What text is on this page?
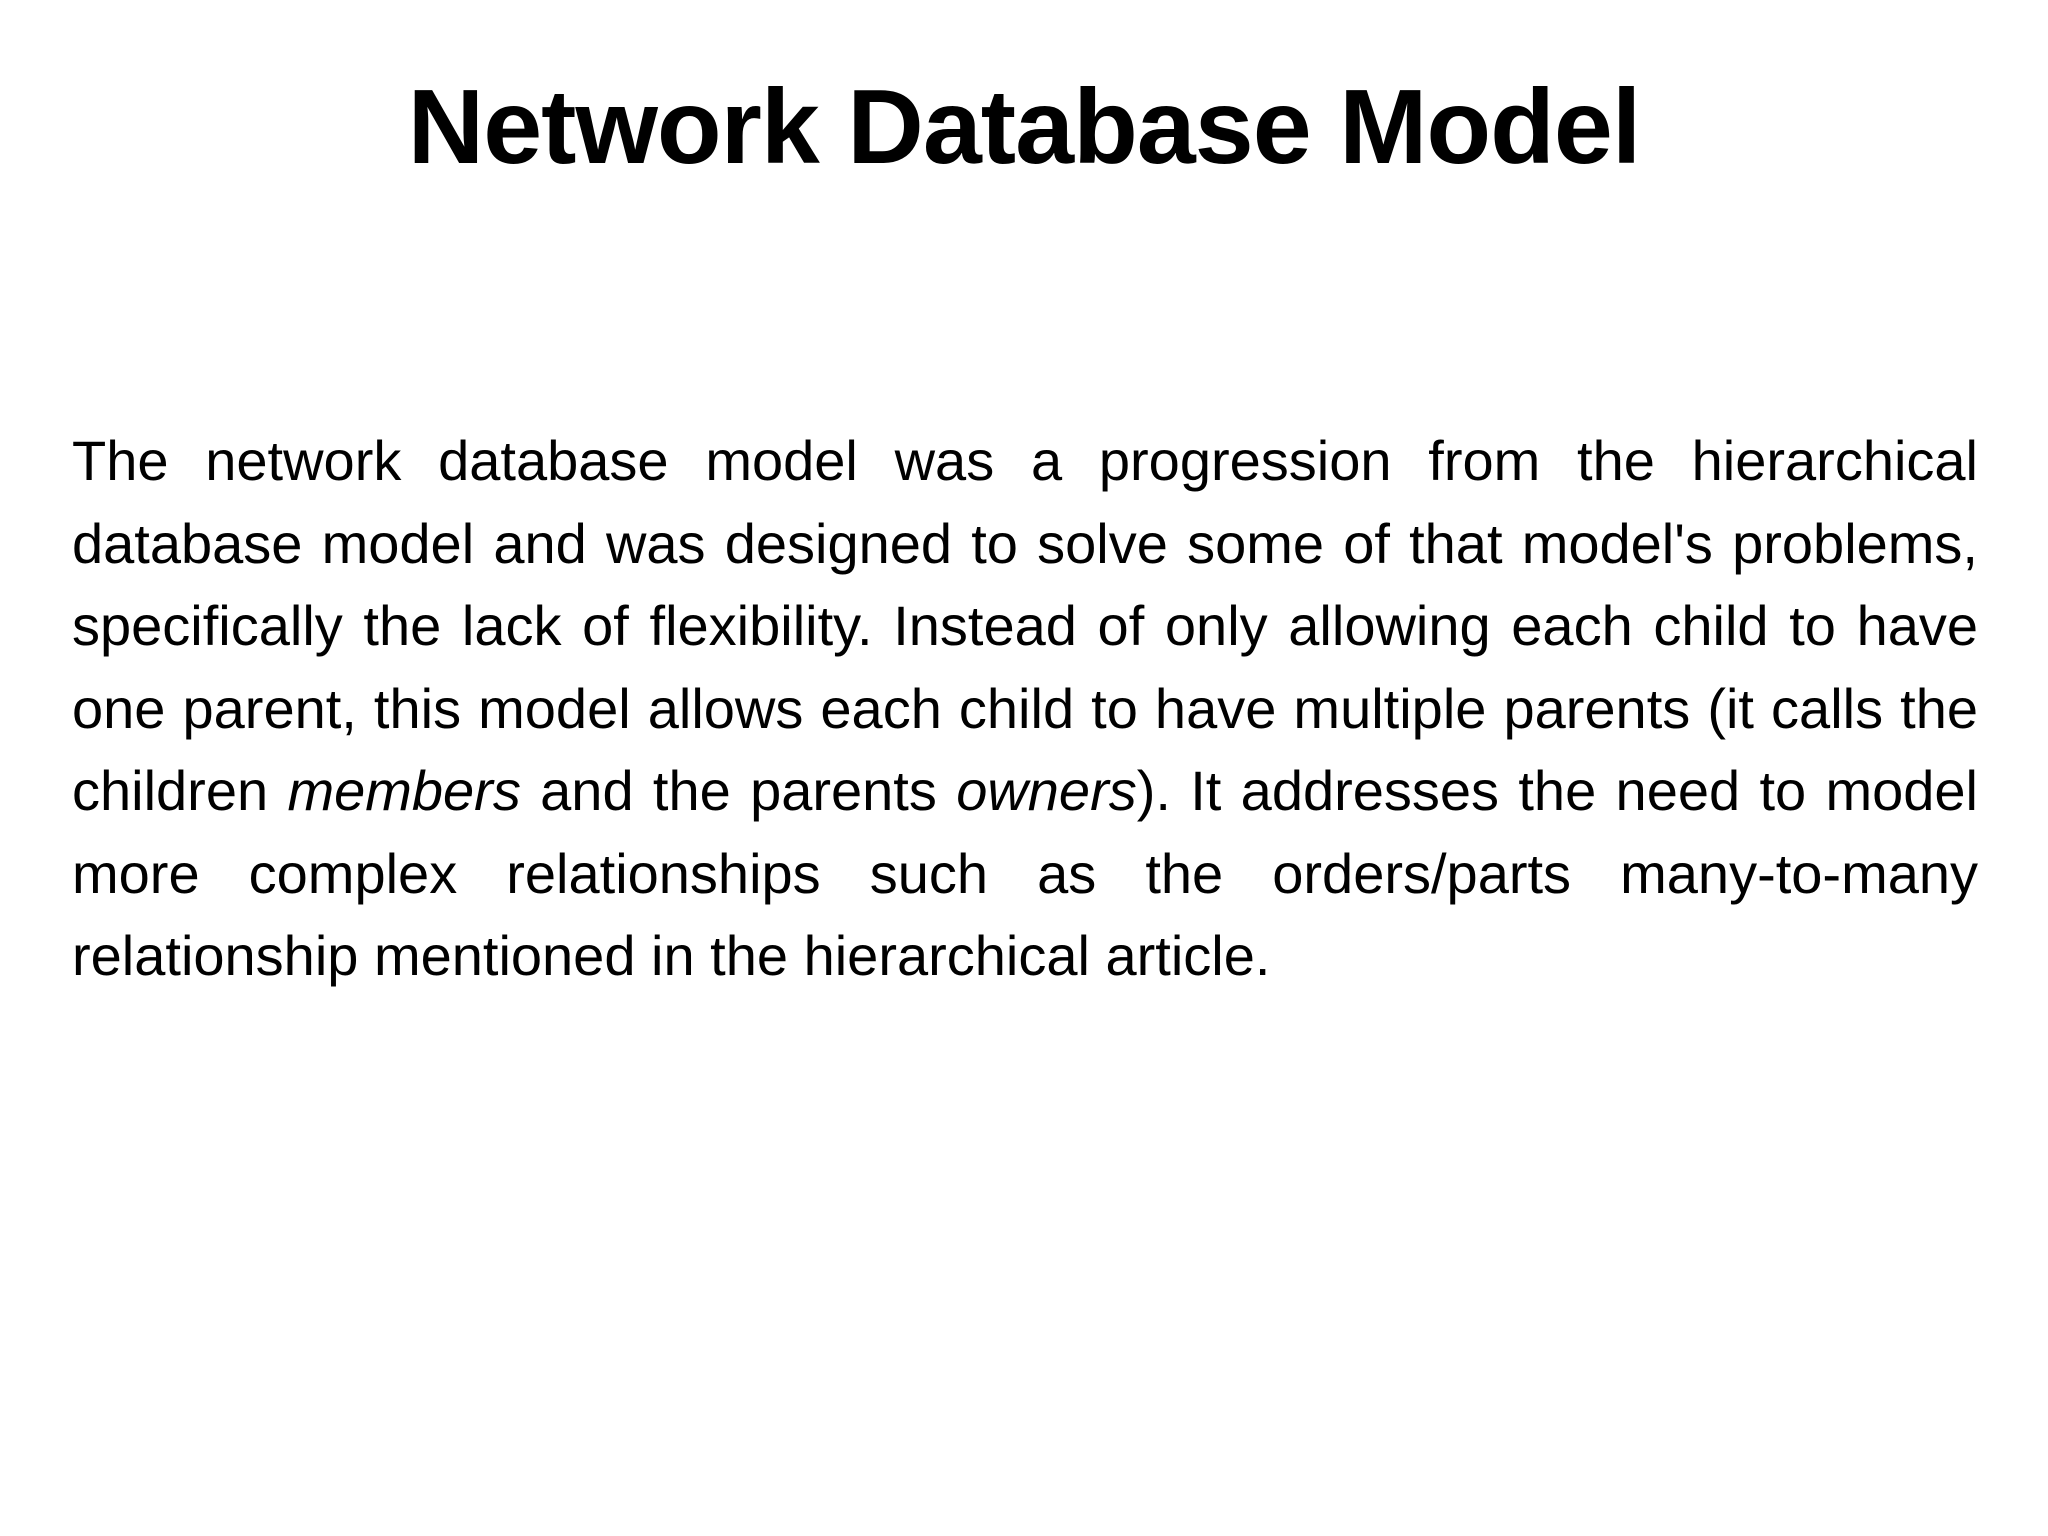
Network Database Model

The network database model was a progression from the hierarchical database model and was designed to solve some of that model's problems, specifically the lack of flexibility. Instead of only allowing each child to have one parent, this model allows each child to have multiple parents (it calls the children members and the parents owners). It addresses the need to model more complex relationships such as the orders/parts many-to-many relationship mentioned in the hierarchical article.
